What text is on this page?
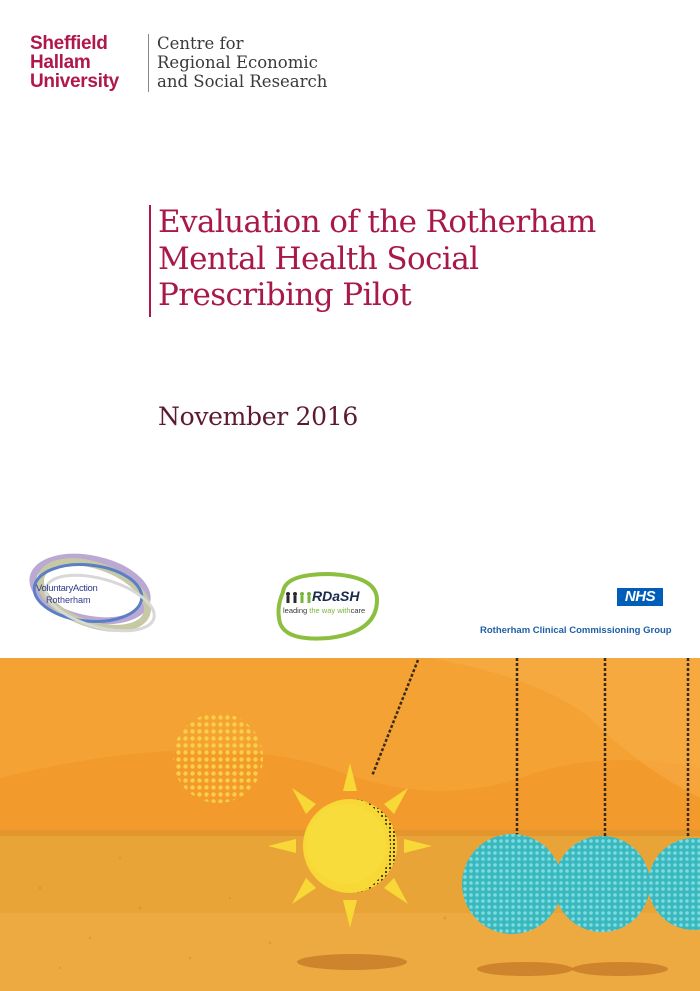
Sheffield
Hallam
University
Centre for
Regional Economic
and Social Research
Evaluation of the Rotherham
Mental Health Social
Prescribing Pilot
November 2016
VoluntaryAction
Rotherham	RDaSH
leading the way withcare
NHS
Rotherham Clinical Commissioning Group
